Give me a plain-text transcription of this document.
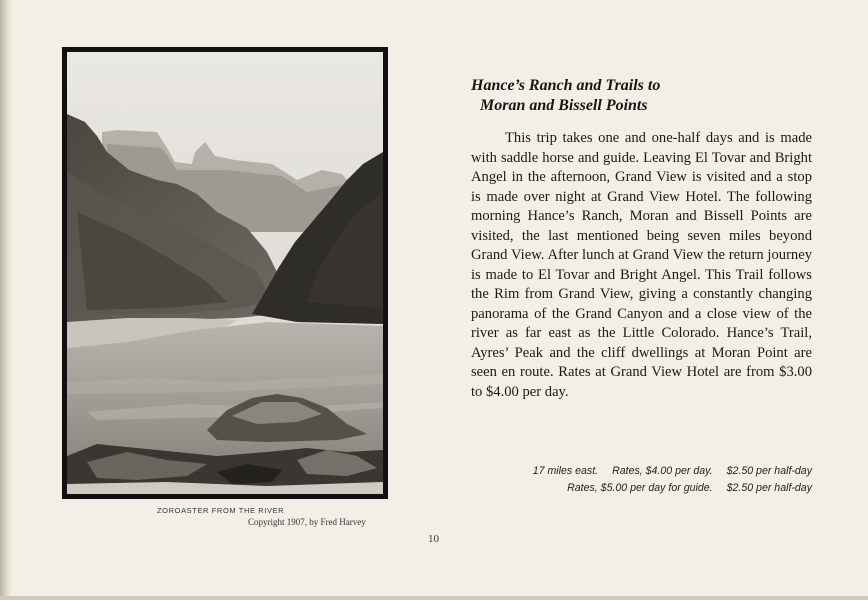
ZOROASTER FROM THE RIVER
Copyright 1907, by Fred Harvey
10
Hance’s Ranch and Trails to
Moran and Bissell Points
This trip takes one and one-half days and is made with saddle horse and guide. Leaving El Tovar and Bright Angel in the afternoon, Grand View is visited and a stop is made over night at Grand View Hotel. The following morning Hance’s Ranch, Moran and Bissell Points are visited, the last mentioned being seven miles beyond Grand View. After lunch at Grand View the return journey is made to El Tovar and Bright Angel. This Trail follows the Rim from Grand View, giving a constantly changing panorama of the Grand Canyon and a close view of the river as far east as the Little Colorado. Hance’s Trail, Ayres’ Peak and the cliff dwellings at Moran Point are seen en route. Rates at Grand View Hotel are from $3.00 to $4.00 per day.
17 miles east. Rates, $4.00 per day. $2.50 per half-day
Rates, $5.00 per day for guide. $2.50 per half-day
